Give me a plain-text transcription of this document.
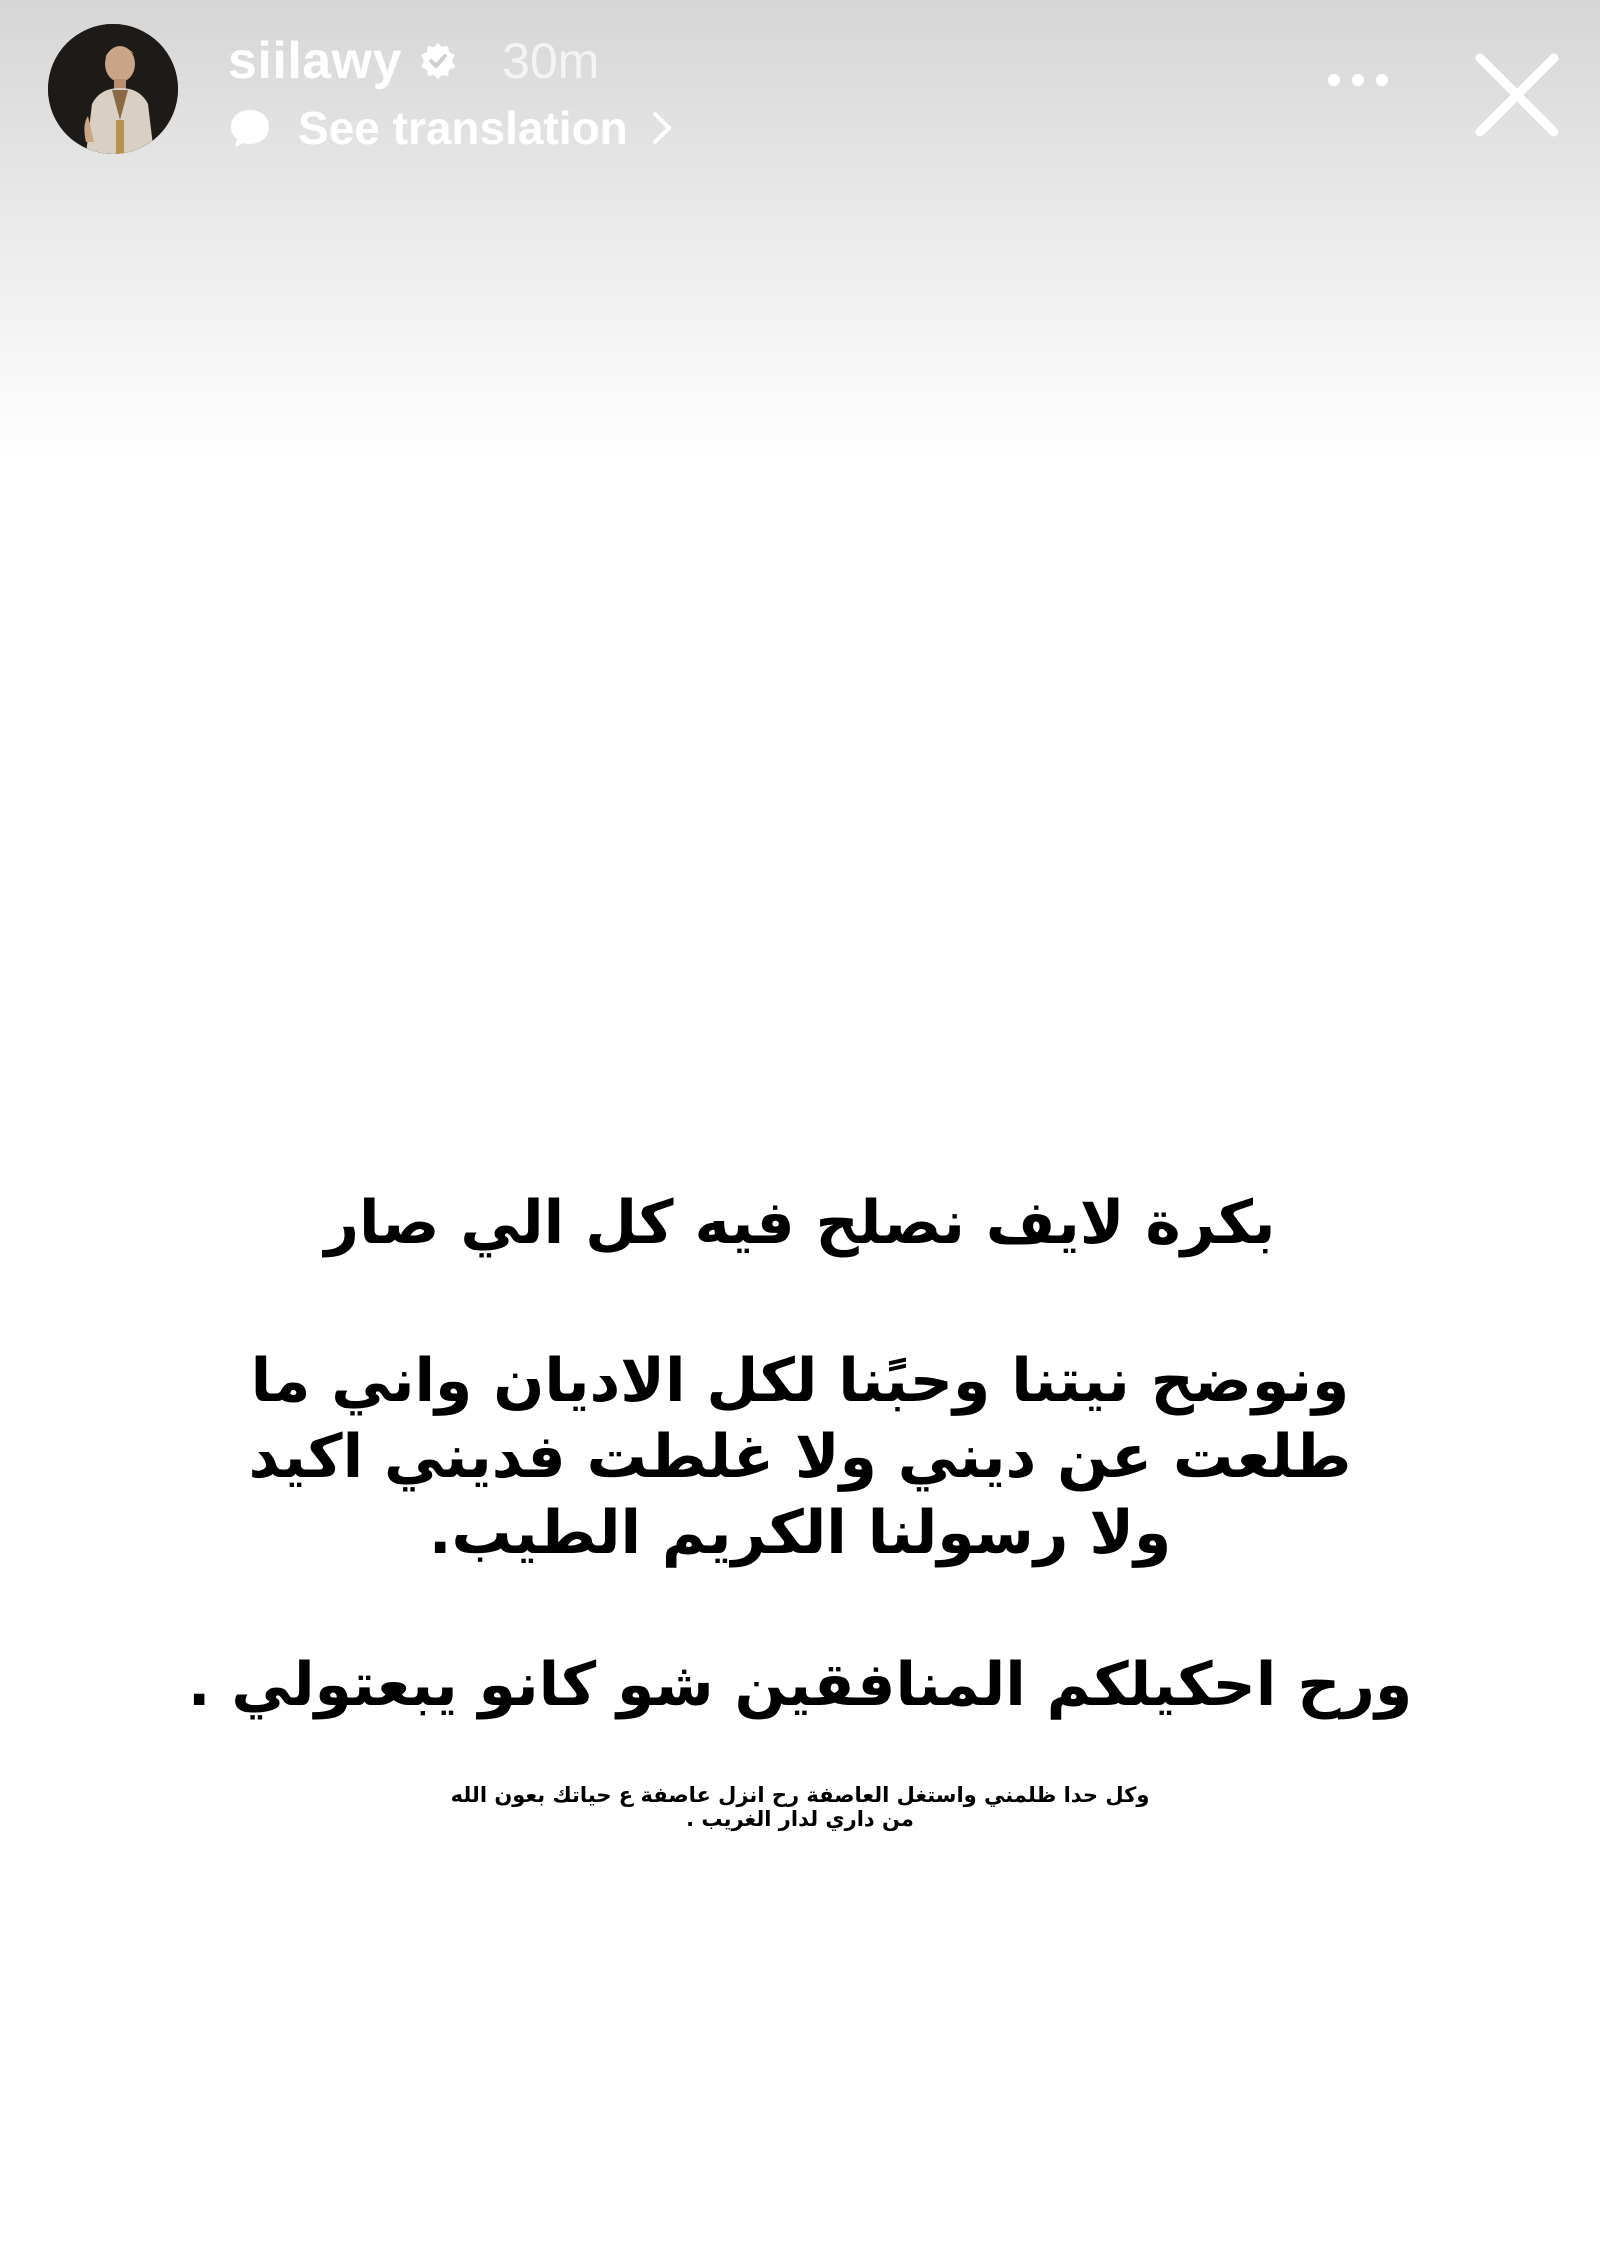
siilawy 30m
See translation

بكرة لايف نصلح فيه كل الي صار

ونوضح نيتنا وحبًنا لكل الاديان واني ما
طلعت عن ديني ولا غلطت فديني اكيد
ولا رسولنا الكريم الطيب.

ورح احكيلكم المنافقين شو كانو يبعتولي .

وكل حدا ظلمني واستغل العاصفة رح انزل عاصفة ع حياتك بعون الله
من داري لدار الغريب .
